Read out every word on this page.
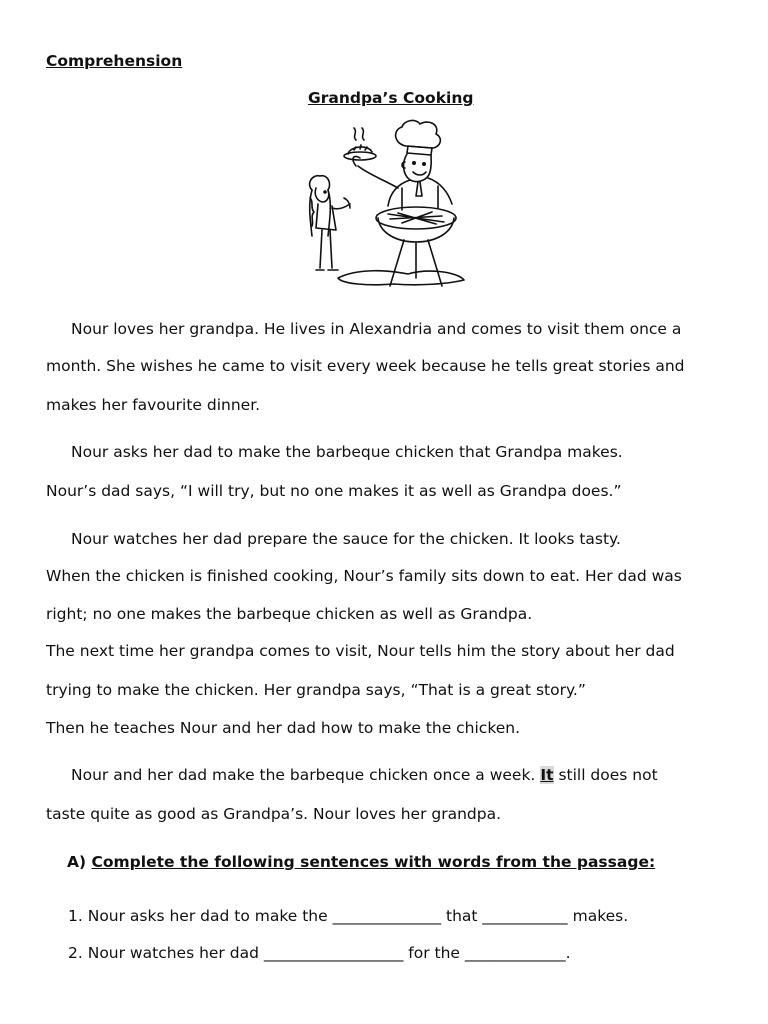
Comprehension
Grandpa’s Cooking
Nour loves her grandpa. He lives in Alexandria and comes to visit them once a
month. She wishes he came to visit every week because he tells great stories and
makes her favourite dinner.
Nour asks her dad to make the barbeque chicken that Grandpa makes.
Nour’s dad says, “I will try, but no one makes it as well as Grandpa does.”
Nour watches her dad prepare the sauce for the chicken. It looks tasty.
When the chicken is finished cooking, Nour’s family sits down to eat. Her dad was
right; no one makes the barbeque chicken as well as Grandpa.
The next time her grandpa comes to visit, Nour tells him the story about her dad
trying to make the chicken. Her grandpa says, “That is a great story.”
Then he teaches Nour and her dad how to make the chicken.
Nour and her dad make the barbeque chicken once a week. It still does not
taste quite as good as Grandpa’s. Nour loves her grandpa.
A) Complete the following sentences with words from the passage:
1. Nour asks her dad to make the ______________ that ___________ makes.
2. Nour watches her dad __________________ for the _____________.
